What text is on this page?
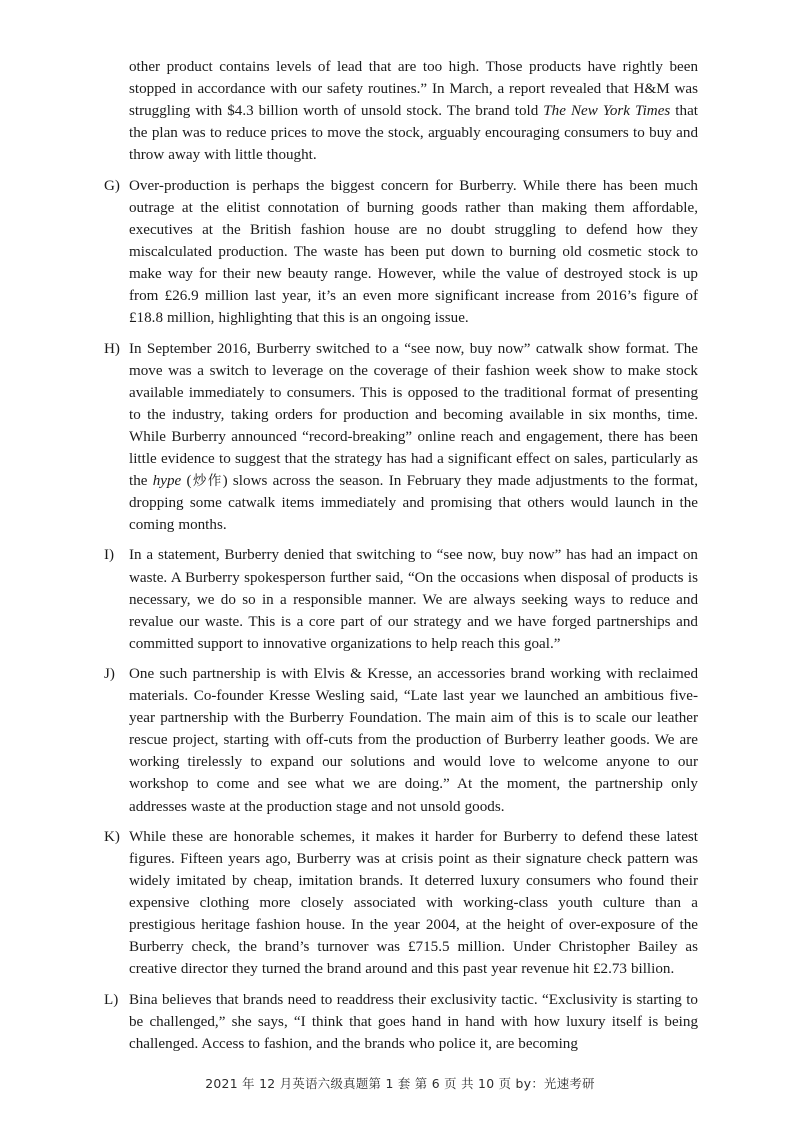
other product contains levels of lead that are too high. Those products have rightly been stopped in accordance with our safety routines.” In March, a report revealed that H&M was struggling with $4.3 billion worth of unsold stock. The brand told The New York Times that the plan was to reduce prices to move the stock, arguably encouraging consumers to buy and throw away with little thought.
G) Over-production is perhaps the biggest concern for Burberry. While there has been much outrage at the elitist connotation of burning goods rather than making them affordable, executives at the British fashion house are no doubt struggling to defend how they miscalculated production. The waste has been put down to burning old cosmetic stock to make way for their new beauty range. However, while the value of destroyed stock is up from £26.9 million last year, it’s an even more significant increase from 2016’s figure of £18.8 million, highlighting that this is an ongoing issue.
H) In September 2016, Burberry switched to a “see now, buy now” catwalk show format. The move was a switch to leverage on the coverage of their fashion week show to make stock available immediately to consumers. This is opposed to the traditional format of presenting to the industry, taking orders for production and becoming available in six months, time. While Burberry announced “record-breaking” online reach and engagement, there has been little evidence to suggest that the strategy has had a significant effect on sales, particularly as the hype (炒作) slows across the season. In February they made adjustments to the format, dropping some catwalk items immediately and promising that others would launch in the coming months.
I) In a statement, Burberry denied that switching to “see now, buy now” has had an impact on waste. A Burberry spokesperson further said, “On the occasions when disposal of products is necessary, we do so in a responsible manner. We are always seeking ways to reduce and revalue our waste. This is a core part of our strategy and we have forged partnerships and committed support to innovative organizations to help reach this goal.”
J) One such partnership is with Elvis & Kresse, an accessories brand working with reclaimed materials. Co-founder Kresse Wesling said, “Late last year we launched an ambitious five-year partnership with the Burberry Foundation. The main aim of this is to scale our leather rescue project, starting with off-cuts from the production of Burberry leather goods. We are working tirelessly to expand our solutions and would love to welcome anyone to our workshop to come and see what we are doing.” At the moment, the partnership only addresses waste at the production stage and not unsold goods.
K) While these are honorable schemes, it makes it harder for Burberry to defend these latest figures. Fifteen years ago, Burberry was at crisis point as their signature check pattern was widely imitated by cheap, imitation brands. It deterred luxury consumers who found their expensive clothing more closely associated with working-class youth culture than a prestigious heritage fashion house. In the year 2004, at the height of over-exposure of the Burberry check, the brand’s turnover was £715.5 million. Under Christopher Bailey as creative director they turned the brand around and this past year revenue hit £2.73 billion.
L) Bina believes that brands need to readdress their exclusivity tactic. “Exclusivity is starting to be challenged,” she says, “I think that goes hand in hand with how luxury itself is being challenged. Access to fashion, and the brands who police it, are becoming
2021 年 12 月英语六级真题第 1 套 第 6 页 共 10 页 by：光速考研
